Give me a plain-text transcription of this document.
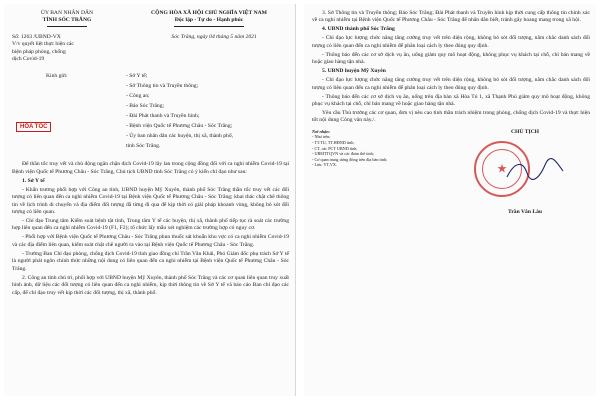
ỦY BAN NHÂN DÂN

TỈNH SÓC TRĂNG

CỘNG HÒA XÃ HỘI CHỦ NGHĨA VIỆT NAM

Độc lập - Tự do - Hạnh phúc

Số: 1263 /UBND-VX

V/v quyết liệt thực hiện các

biện pháp phòng, chống

dịch Covid-19

Sóc Trăng, ngày 04 tháng 5 năm 2021

HỎA TỐC

Kính gửi:	- Sở Y tế;

- Sở Thông tin và Truyền thông;

- Công an;

- Báo Sóc Trăng;

- Đài Phát thanh và Truyền hình;

- Bệnh viện Quốc tế Phương Châu - Sóc Trăng;

- Ủy ban nhân dân các huyện, thị xã, thành phố,

tỉnh Sóc Trăng.

Để thần tốc truy vết và chủ động ngăn chặn dịch Covid-19 lây lan trong cộng đồng đối với ca nghi nhiễm Covid-19 tại Bệnh viện Quốc tế Phương Châu - Sóc Trăng, Chủ tịch UBND tỉnh Sóc Trăng có ý kiến chỉ đạo như sau:

1. Sở Y tế

- Khẩn trương phối hợp với Công an tỉnh, UBND huyện Mỹ Xuyên, thành phố Sóc Trăng thần tốc truy vết các đối tượng có liên quan đến ca nghi nhiễm Covid-19 tại Bệnh viện Quốc tế Phương Châu - Sóc Trăng; khai thác chặt chẽ thông tin về lịch trình di chuyển và địa điểm đối tượng đã từng đi qua để kịp thời có giải pháp khoanh vùng, không bỏ sót đối tượng có liên quan.

- Chỉ đạo Trung tâm Kiểm soát bệnh tật tỉnh, Trung tâm Y tế các huyện, thị xã, thành phố tiếp tục rà soát các trường hợp liên quan đến ca nghi nhiễm Covid-19 (F1, F2); tổ chức lấy mẫu xét nghiệm các trường hợp có nguy cơ.

- Phối hợp với Bệnh viện Quốc tế Phương Châu - Sóc Trăng phun thuốc sát khuẩn khu vực có ca nghi nhiễm Covid-19 và các địa điểm liên quan, kiểm soát chặt chẽ người ra vào tại Bệnh viện Quốc tế Phương Châu - Sóc Trăng.

- Trưởng Ban Chỉ đạo phòng, chống dịch Covid-19 tỉnh giao đồng chí Trần Văn Khải, Phó Giám đốc phụ trách Sở Y tế là người phát ngôn chính thức những nội dung có liên quan đến ca nghi nhiễm tại Bệnh viện Quốc tế Phương Châu - Sóc Trăng.

2. Công an tỉnh chủ trì, phối hợp với UBND huyện Mỹ Xuyên, thành phố Sóc Trăng và các cơ quan liên quan truy xuất hình ảnh, dữ liệu các đối tượng có liên quan đến ca nghi nhiễm, kịp thời thông tin về Sở Y tế và báo cáo Ban chỉ đạo các cấp, để chỉ đạo truy vết kịp thời các đối tượng, thị xã, thành phố.

3. Sở Thông tin và Truyền thông; Báo Sóc Trăng; Đài Phát thanh và Truyền hình kịp thời cung cấp thông tin chính xác về ca nghi nhiễm tại Bệnh viện Quốc tế Phương Châu - Sóc Trăng để nhân dân biết, tránh gây hoang mang trong xã hội.

4. UBND thành phố Sóc Trăng

- Chỉ đạo lực lượng chức năng tăng cường truy vết trên diện rộng, không bỏ sót đối tượng, nắm chắc danh sách đối tượng có liên quan đến ca nghi nhiễm để phân loại cách ly theo đúng quy định.

- Thông báo đến các cơ sở dịch vụ ăn, uống giảm quy mô hoạt động, không phục vụ khách tại chỗ, chỉ bán mang về hoặc giao hàng tận nhà.

5. UBND huyện Mỹ Xuyên

- Chỉ đạo lực lượng chức năng tăng cường truy vết trên diện rộng, không bỏ sót đối tượng, nắm chắc danh sách đối tượng có liên quan đến ca nghi nhiễm để phân loại cách ly theo đúng quy định.

- Thông báo đến các cơ sở dịch vụ ăn, uống trên địa bàn xã Hòa Tú 1, xã Thạnh Phú giảm quy mô hoạt động, không phục vụ khách tại chỗ, chỉ bán mang về hoặc giao hàng tận nhà.

Yêu cầu Thủ trưởng các cơ quan, đơn vị nêu cao tinh thần trách nhiệm trong phòng, chống dịch Covid-19 và thực hiện tốt nội dung Công văn này./.

Nơi nhận:

- Như trên;

- TT.TU, TT.HĐND tỉnh;

- CT, các PCT UBND tỉnh;

- UBMTTQVN và các đoàn thể tỉnh;

- Cơ quan trung ương đóng trên địa bàn tỉnh;

- Lưu: VT,VX.

CHỦ TỊCH

★

Trần Văn Lâu
